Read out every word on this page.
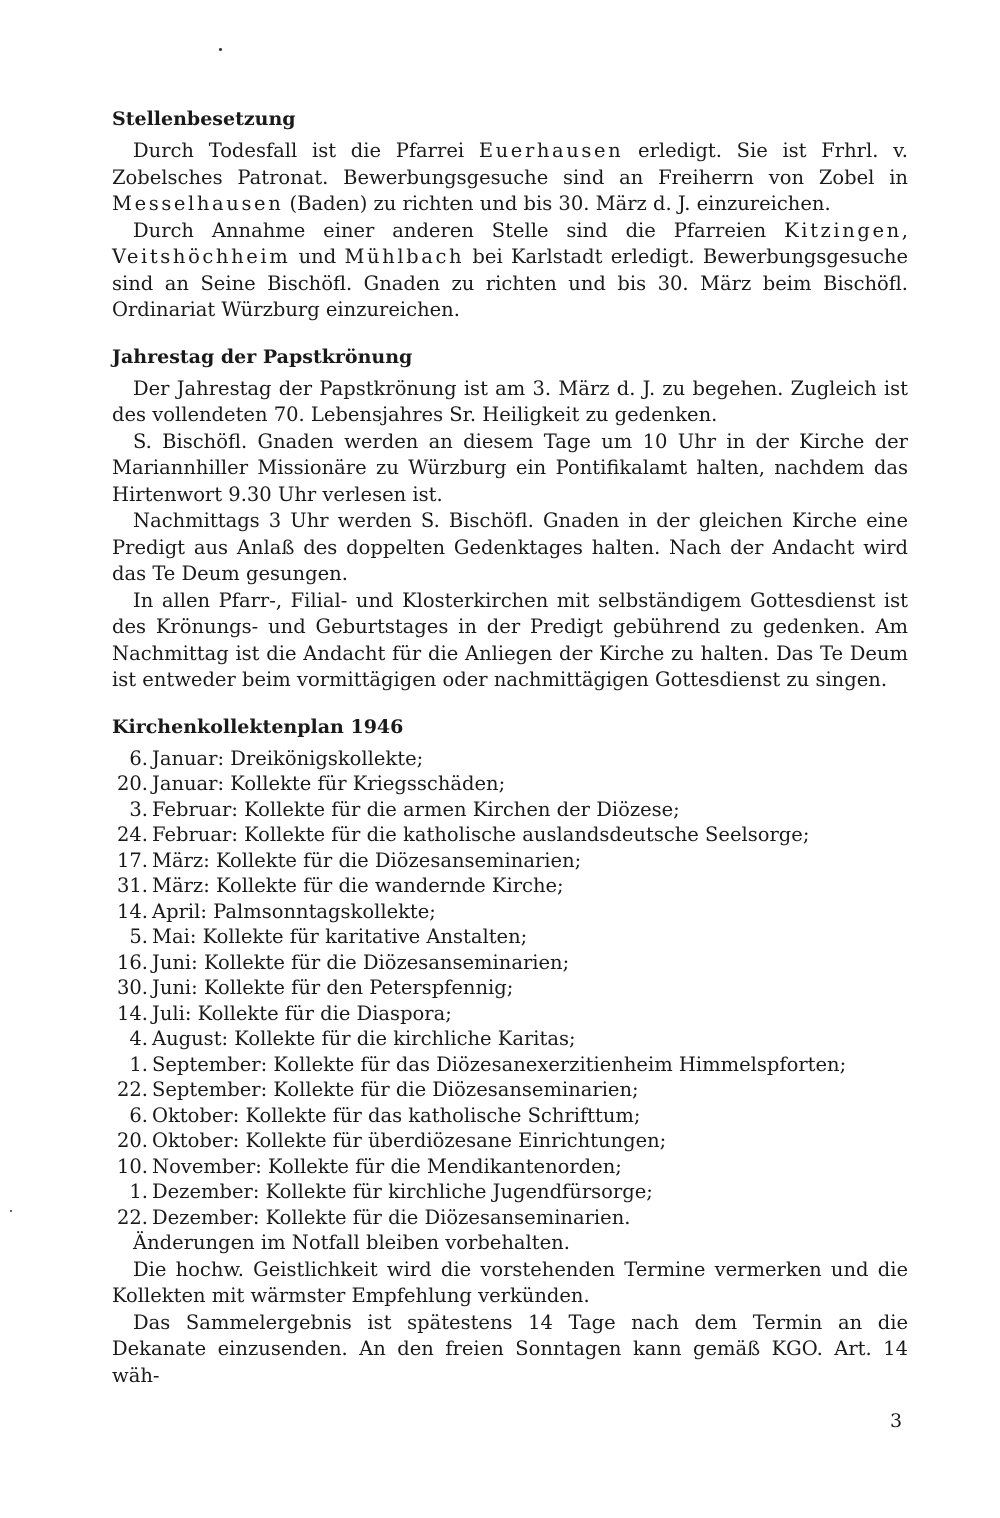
Stellenbesetzung

Durch Todesfall ist die Pfarrei Euerhausen erledigt. Sie ist Frhrl. v. Zobelsches Patronat. Bewerbungsgesuche sind an Freiherrn von Zobel in Messelhausen (Baden) zu richten und bis 30. März d. J. einzureichen.

Durch Annahme einer anderen Stelle sind die Pfarreien Kitzingen, Veitshöchheim und Mühlbach bei Karlstadt erledigt. Bewerbungsgesuche sind an Seine Bischöfl. Gnaden zu richten und bis 30. März beim Bischöfl. Ordinariat Würzburg einzureichen.

Jahrestag der Papstkrönung

Der Jahrestag der Papstkrönung ist am 3. März d. J. zu begehen. Zugleich ist des vollendeten 70. Lebensjahres Sr. Heiligkeit zu gedenken.

S. Bischöfl. Gnaden werden an diesem Tage um 10 Uhr in der Kirche der Mariannhiller Missionäre zu Würzburg ein Pontifikalamt halten, nachdem das Hirtenwort 9.30 Uhr verlesen ist.

Nachmittags 3 Uhr werden S. Bischöfl. Gnaden in der gleichen Kirche eine Predigt aus Anlaß des doppelten Gedenktages halten. Nach der Andacht wird das Te Deum gesungen.

In allen Pfarr-, Filial- und Klosterkirchen mit selbständigem Gottesdienst ist des Krönungs- und Geburtstages in der Predigt gebührend zu gedenken. Am Nachmittag ist die Andacht für die Anliegen der Kirche zu halten. Das Te Deum ist entweder beim vormittägigen oder nachmittägigen Gottesdienst zu singen.

Kirchenkollektenplan 1946
6. Januar: Dreikönigskollekte;
20. Januar: Kollekte für Kriegsschäden;
3. Februar: Kollekte für die armen Kirchen der Diözese;
24. Februar: Kollekte für die katholische auslandsdeutsche Seelsorge;
17. März: Kollekte für die Diözesanseminarien;
31. März: Kollekte für die wandernde Kirche;
14. April: Palmsonntagskollekte;
5. Mai: Kollekte für karitative Anstalten;
16. Juni: Kollekte für die Diözesanseminarien;
30. Juni: Kollekte für den Peterspfennig;
14. Juli: Kollekte für die Diaspora;
4. August: Kollekte für die kirchliche Karitas;
1. September: Kollekte für das Diözesanexerzitienheim Himmelspforten;
22. September: Kollekte für die Diözesanseminarien;
6. Oktober: Kollekte für das katholische Schrifttum;
20. Oktober: Kollekte für überdiözesane Einrichtungen;
10. November: Kollekte für die Mendikantenorden;
1. Dezember: Kollekte für kirchliche Jugendfürsorge;
22. Dezember: Kollekte für die Diözesanseminarien.

Änderungen im Notfall bleiben vorbehalten.

Die hochw. Geistlichkeit wird die vorstehenden Termine vermerken und die Kollekten mit wärmster Empfehlung verkünden.

Das Sammelergebnis ist spätestens 14 Tage nach dem Termin an die Dekanate einzusenden. An den freien Sonntagen kann gemäß KGO. Art. 14 wäh-

3
